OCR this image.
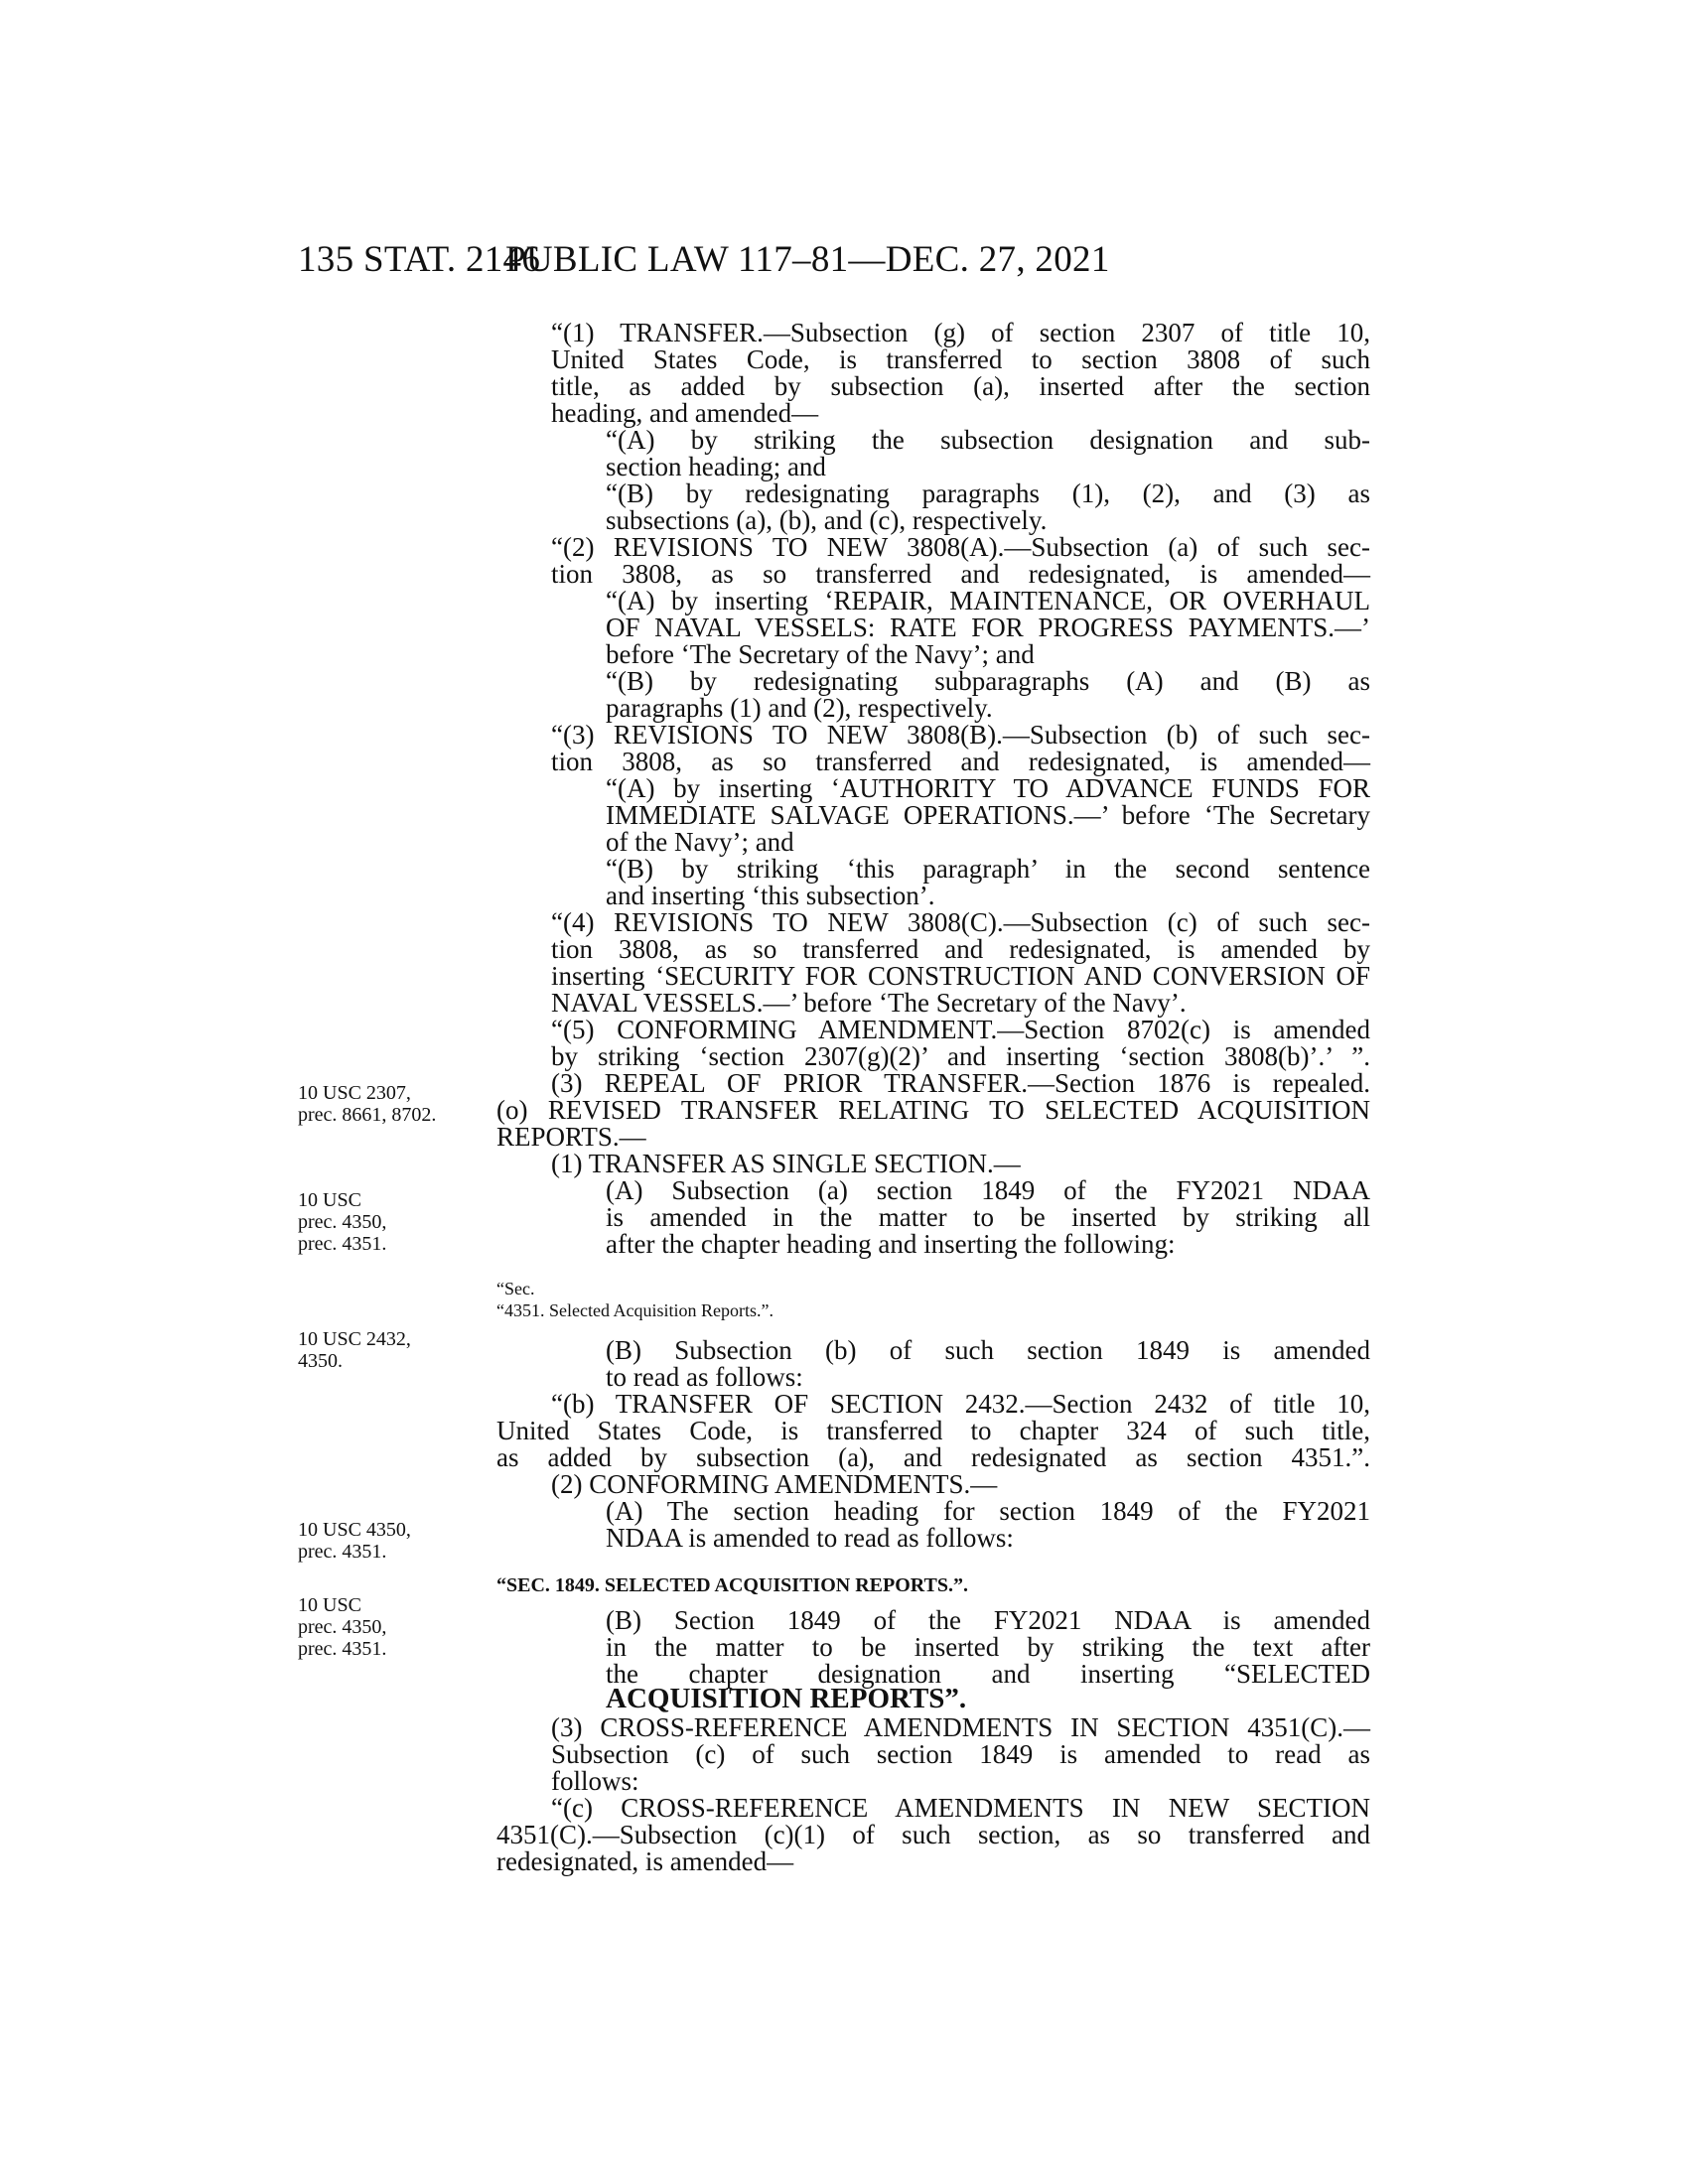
135 STAT. 2146
PUBLIC LAW 117–81—DEC. 27, 2021
10 USC 2307,
prec. 8661, 8702.
10 USC
prec. 4350,
prec. 4351.
10 USC 2432,
4350.
10 USC 4350,
prec. 4351.
10 USC
prec. 4350,
prec. 4351.
“(1) TRANSFER.—Subsection (g) of section 2307 of title 10,
United States Code, is transferred to section 3808 of such
title, as added by subsection (a), inserted after the section
heading, and amended—
“(A) by striking the subsection designation and sub-
section heading; and
“(B) by redesignating paragraphs (1), (2), and (3) as
subsections (a), (b), and (c), respectively.
“(2) REVISIONS TO NEW 3808(A).—Subsection (a) of such sec-
tion 3808, as so transferred and redesignated, is amended—
“(A) by inserting ‘REPAIR, MAINTENANCE, OR OVERHAUL
OF NAVAL VESSELS: RATE FOR PROGRESS PAYMENTS.—’
before ‘The Secretary of the Navy’; and
“(B) by redesignating subparagraphs (A) and (B) as
paragraphs (1) and (2), respectively.
“(3) REVISIONS TO NEW 3808(B).—Subsection (b) of such sec-
tion 3808, as so transferred and redesignated, is amended—
“(A) by inserting ‘AUTHORITY TO ADVANCE FUNDS FOR
IMMEDIATE SALVAGE OPERATIONS.—’ before ‘The Secretary
of the Navy’; and
“(B) by striking ‘this paragraph’ in the second sentence
and inserting ‘this subsection’.
“(4) REVISIONS TO NEW 3808(C).—Subsection (c) of such sec-
tion 3808, as so transferred and redesignated, is amended by
inserting ‘SECURITY FOR CONSTRUCTION AND CONVERSION OF
NAVAL VESSELS.—’ before ‘The Secretary of the Navy’.
“(5) CONFORMING AMENDMENT.—Section 8702(c) is amended
by striking ‘section 2307(g)(2)’ and inserting ‘section 3808(b)’.’ ”.
(3) REPEAL OF PRIOR TRANSFER.—Section 1876 is repealed.
(o) REVISED TRANSFER RELATING TO SELECTED ACQUISITION
REPORTS.—
(1) TRANSFER AS SINGLE SECTION.—
(A) Subsection (a) section 1849 of the FY2021 NDAA
is amended in the matter to be inserted by striking all
after the chapter heading and inserting the following:
“Sec.
“4351. Selected Acquisition Reports.”.
(B) Subsection (b) of such section 1849 is amended
to read as follows:
“(b) TRANSFER OF SECTION 2432.—Section 2432 of title 10,
United States Code, is transferred to chapter 324 of such title,
as added by subsection (a), and redesignated as section 4351.”.
(2) CONFORMING AMENDMENTS.—
(A) The section heading for section 1849 of the FY2021
NDAA is amended to read as follows:
“SEC. 1849. SELECTED ACQUISITION REPORTS.”.
(B) Section 1849 of the FY2021 NDAA is amended
in the matter to be inserted by striking the text after
the chapter designation and inserting “SELECTED
ACQUISITION REPORTS”.
(3) CROSS-REFERENCE AMENDMENTS IN SECTION 4351(C).—
Subsection (c) of such section 1849 is amended to read as
follows:
“(c) CROSS-REFERENCE AMENDMENTS IN NEW SECTION
4351(C).—Subsection (c)(1) of such section, as so transferred and
redesignated, is amended—
